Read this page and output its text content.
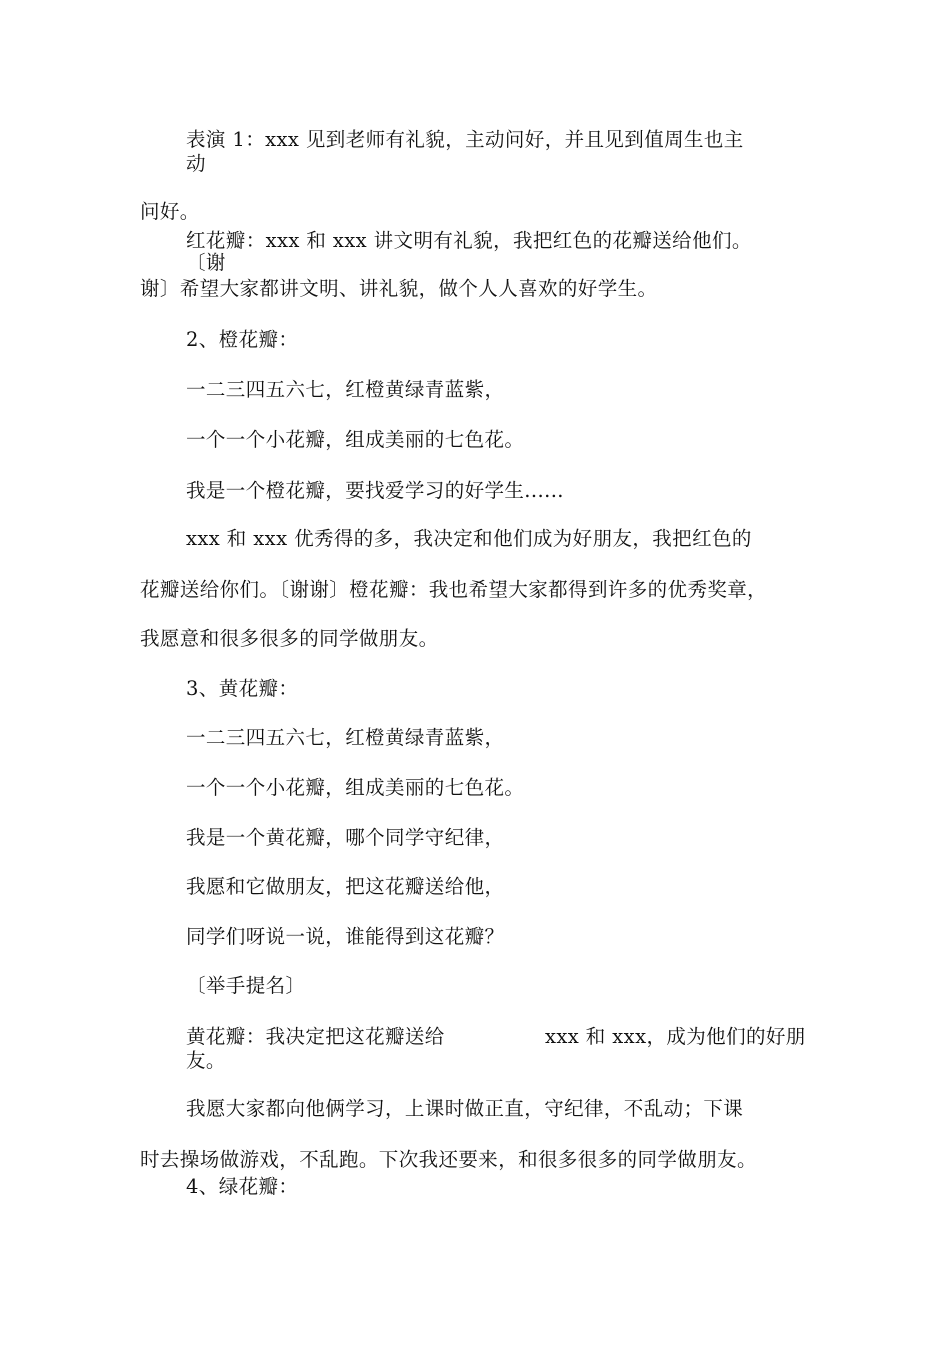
表演 1：xxx 见到老师有礼貌，主动问好，并且见到值周生也主
动
问好。
红花瓣：xxx 和 xxx 讲文明有礼貌，我把红色的花瓣送给他们。
〔谢
谢〕希望大家都讲文明、讲礼貌，做个人人喜欢的好学生。
2、橙花瓣：
一二三四五六七，红橙黄绿青蓝紫，
一个一个小花瓣，组成美丽的七色花。
我是一个橙花瓣，要找爱学习的好学生......
xxx 和 xxx 优秀得的多，我决定和他们成为好朋友，我把红色的
花瓣送给你们。〔谢谢〕橙花瓣：我也希望大家都得到许多的优秀奖章，
我愿意和很多很多的同学做朋友。
3、黄花瓣：
一二三四五六七，红橙黄绿青蓝紫，
一个一个小花瓣，组成美丽的七色花。
我是一个黄花瓣，哪个同学守纪律，
我愿和它做朋友，把这花瓣送给他，
同学们呀说一说，谁能得到这花瓣？
〔举手提名〕
黄花瓣：我决定把这花瓣送给	xxx 和 xxx，成为他们的好朋
友。
我愿大家都向他俩学习，上课时做正直，守纪律，不乱动；下课
时去操场做游戏，不乱跑。下次我还要来，和很多很多的同学做朋友。
4、绿花瓣：
